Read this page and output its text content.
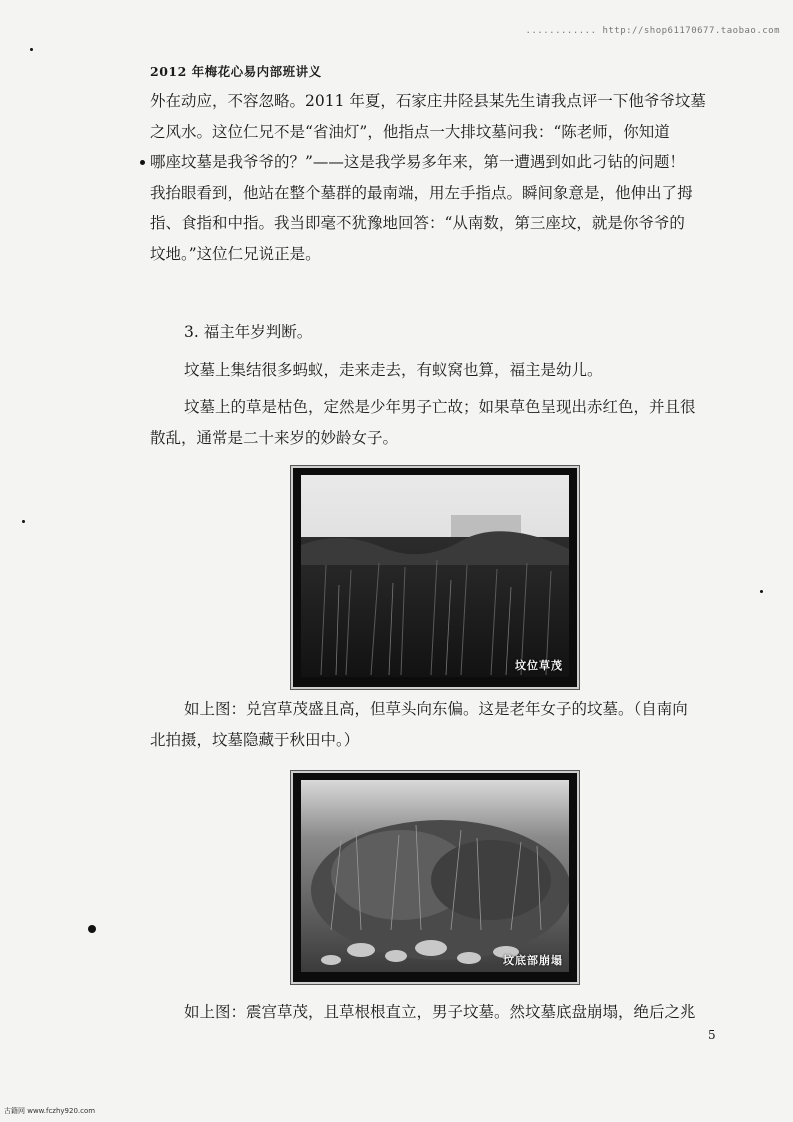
............ http://shop61170677.taobao.com
2012 年梅花心易内部班讲义

外在动应，不容忽略。2011 年夏，石家庄井陉县某先生请我点评一下他爷爷坟墓

之风水。这位仁兄不是“省油灯”，他指点一大排坟墓问我：“陈老师，你知道

哪座坟墓是我爷爷的？”——这是我学易多年来，第一遭遇到如此刁钻的问题！

我抬眼看到，他站在整个墓群的最南端，用左手指点。瞬间象意是，他伸出了拇

指、食指和中指。我当即毫不犹豫地回答：“从南数，第三座坟，就是你爷爷的

坟地。”这位仁兄说正是。

3. 福主年岁判断。

坟墓上集结很多蚂蚁，走来走去，有蚁窝也算，福主是幼儿。

坟墓上的草是枯色，定然是少年男子亡故；如果草色呈现出赤红色，并且很

散乱，通常是二十来岁的妙龄女子。

坟位草茂

如上图：兑宫草茂盛且高，但草头向东偏。这是老年女子的坟墓。（自南向

北拍摄，坟墓隐藏于秋田中。）

坟底部崩塌

如上图：震宫草茂，且草根根直立，男子坟墓。然坟墓底盘崩塌，绝后之兆

5
古籍网 www.fczhy920.com
